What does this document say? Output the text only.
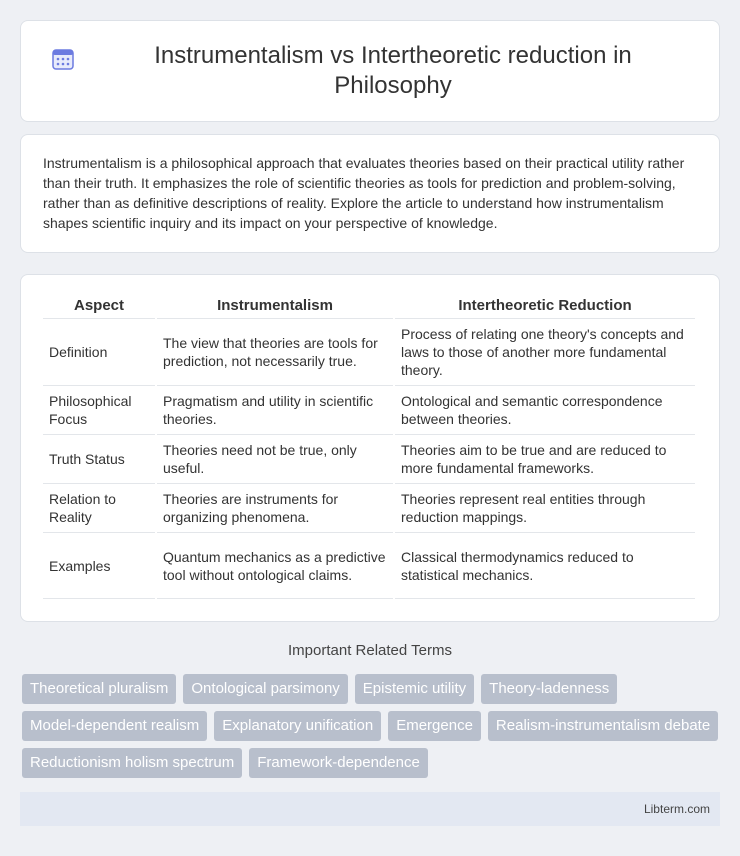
Instrumentalism vs Intertheoretic reduction in Philosophy

Instrumentalism is a philosophical approach that evaluates theories based on their practical utility rather than their truth. It emphasizes the role of scientific theories as tools for prediction and problem-solving, rather than as definitive descriptions of reality. Explore the article to understand how instrumentalism shapes scientific inquiry and its impact on your perspective of knowledge.

Aspect	Instrumentalism	Intertheoretic Reduction
Definition	The view that theories are tools for prediction, not necessarily true.	Process of relating one theory's concepts and laws to those of another more fundamental theory.
Philosophical Focus	Pragmatism and utility in scientific theories.	Ontological and semantic correspondence between theories.
Truth Status	Theories need not be true, only useful.	Theories aim to be true and are reduced to more fundamental frameworks.
Relation to Reality	Theories are instruments for organizing phenomena.	Theories represent real entities through reduction mappings.
Examples	Quantum mechanics as a predictive tool without ontological claims.	Classical thermodynamics reduced to statistical mechanics.
Important Related Terms
Theoretical pluralism	Ontological parsimony	Epistemic utility	Theory-ladenness
Model-dependent realism	Explanatory unification	Emergence	Realism-instrumentalism debate
Reductionism holism spectrum	Framework-dependence
Libterm.com
